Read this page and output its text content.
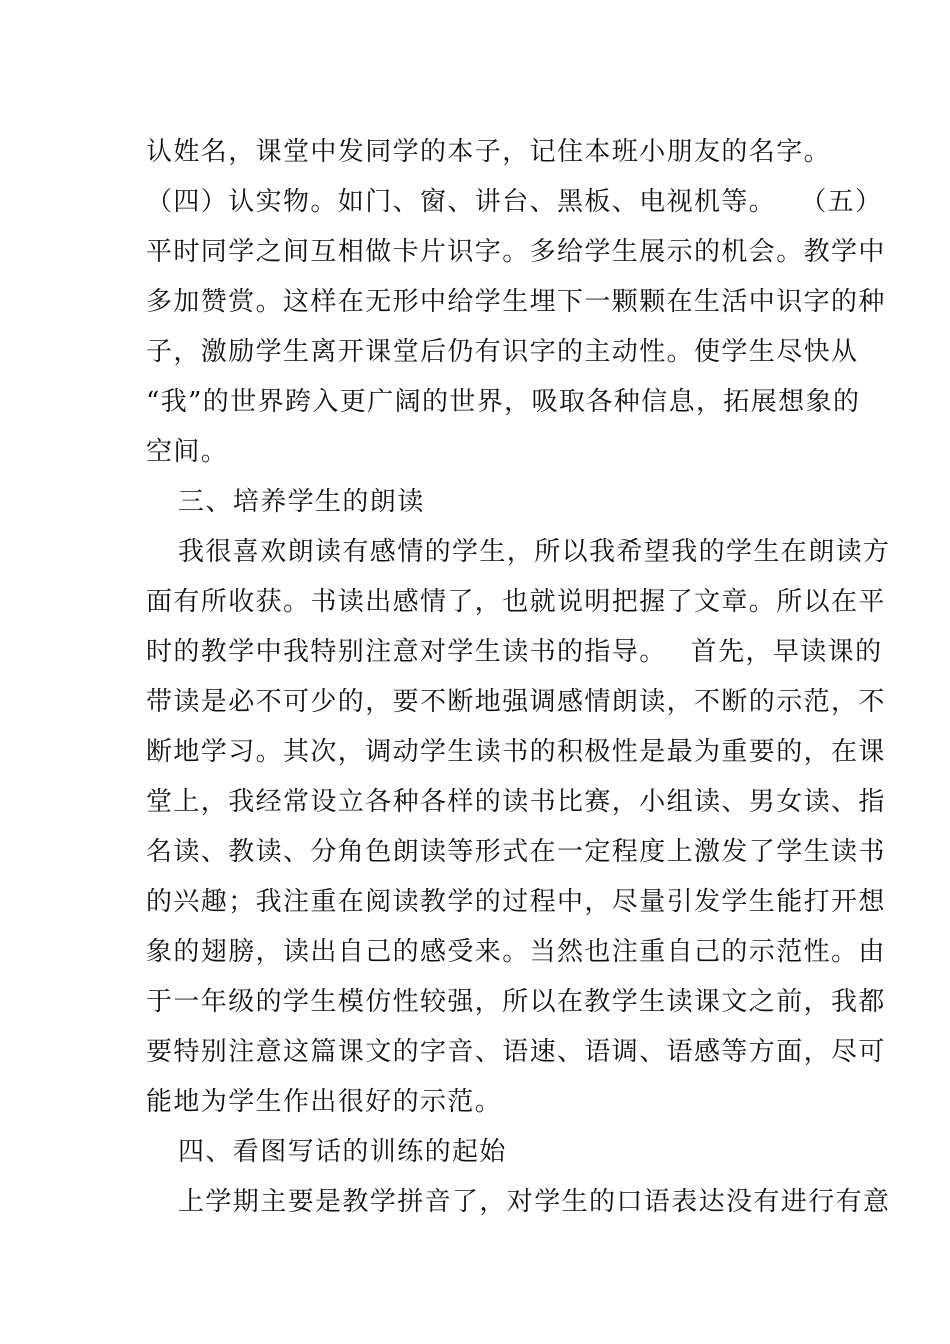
认姓名，课堂中发同学的本子，记住本班小朋友的名字。
（四）认实物。如门、窗、讲台、黑板、电视机等。　 （五）
平时同学之间互相做卡片识字。多给学生展示的机会。教学中
多加赞赏。这样在无形中给学生埋下一颗颗在生活中识字的种
子，激励学生离开课堂后仍有识字的主动性。使学生尽快从
“我”的世界跨入更广阔的世界，吸取各种信息，拓展想象的
空间。
三、培养学生的朗读
我很喜欢朗读有感情的学生，所以我希望我的学生在朗读方
面有所收获。书读出感情了，也就说明把握了文章。所以在平
时的教学中我特别注意对学生读书的指导。　 首先，早读课的
带读是必不可少的，要不断地强调感情朗读，不断的示范，不
断地学习。其次，调动学生读书的积极性是最为重要的，在课
堂上，我经常设立各种各样的读书比赛，小组读、男女读、指
名读、教读、分角色朗读等形式在一定程度上激发了学生读书
的兴趣；我注重在阅读教学的过程中，尽量引发学生能打开想
象的翅膀，读出自己的感受来。当然也注重自己的示范性。由
于一年级的学生模仿性较强，所以在教学生读课文之前，我都
要特别注意这篇课文的字音、语速、语调、语感等方面，尽可
能地为学生作出很好的示范。
四、看图写话的训练的起始
上学期主要是教学拼音了，对学生的口语表达没有进行有意
